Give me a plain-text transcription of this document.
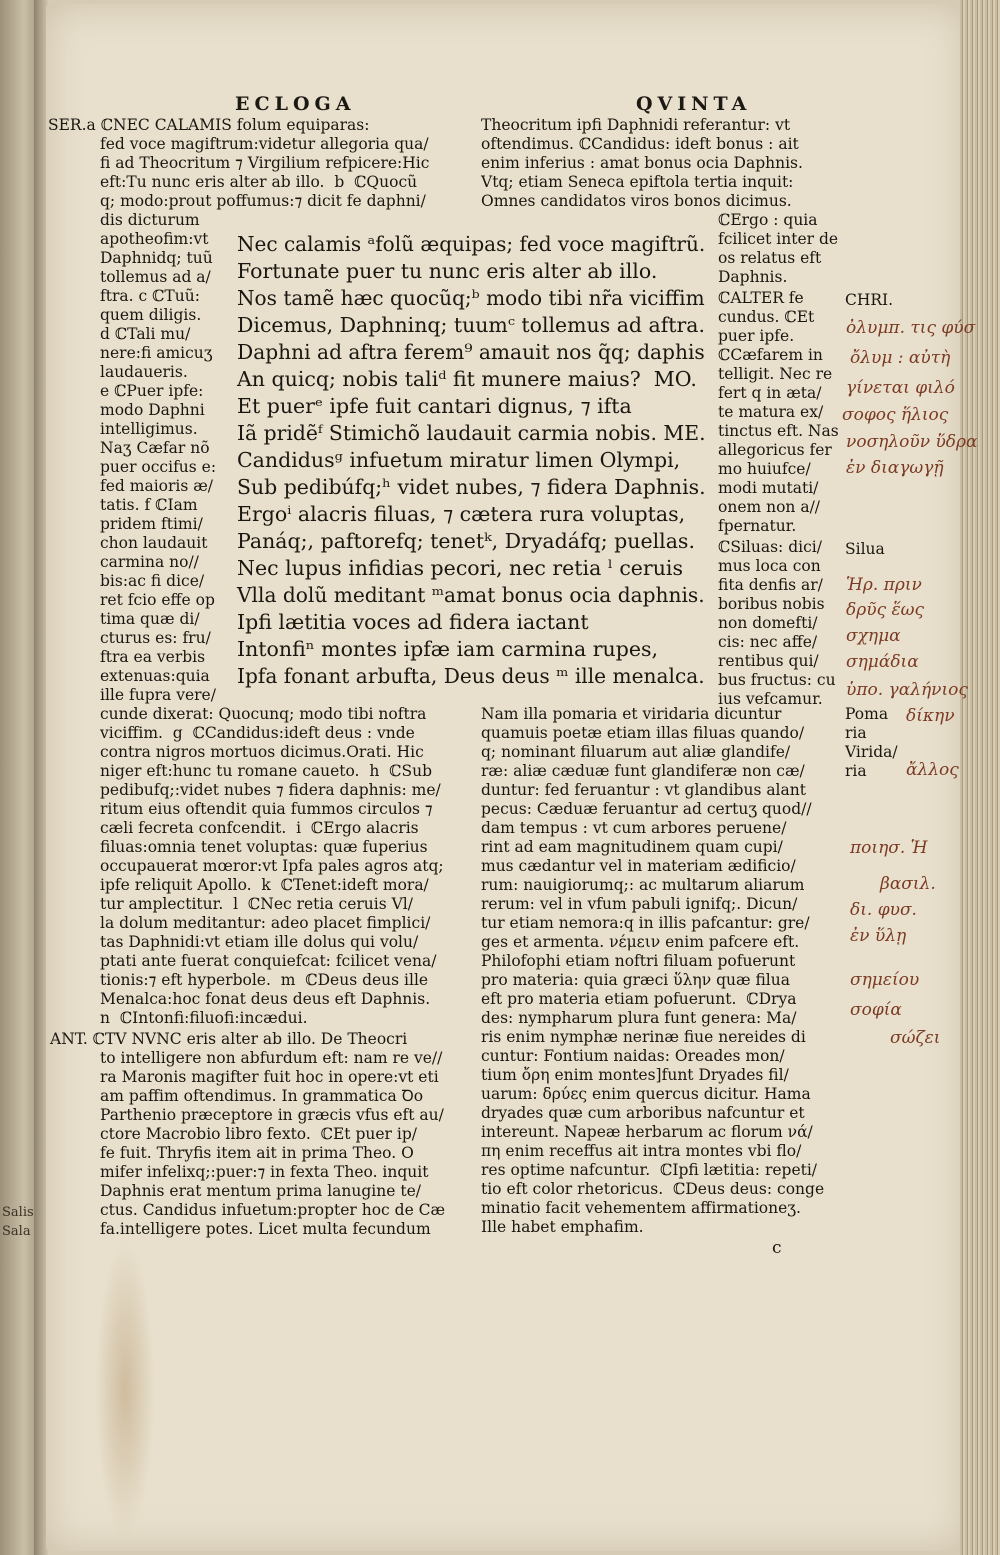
Salis
Sala
ECLOGA	QVINTA
SER.a ℂNEC CALAMIS folum equiparas:
fed voce magiftrum:videtur allegoria qua/
fi ad Theocritum ⁊ Virgilium refpicere:Hic
eft:Tu nunc eris alter ab illo.  b  ℂQuocũ
q; modo:prout poffumus:⁊ dicit fe daphni/
dis dicturum
apotheofim:vt
Daphnidq; tuũ
tollemus ad a/
ftra. c ℂTuũ:
quem diligis.
d ℂTali mu/
nere:fi amicuʒ
laudaueris.
e ℂPuer ipfe:
modo Daphni
intelligimus.
Naʒ Cæfar nõ
puer occifus e:
fed maioris æ/
tatis. f ℂIam
pridem ftimi/
chon laudauit
carmina no//
bis:ac fi dice/
ret fcio effe op
tima quæ di/
cturus es: fru/
ftra ea verbis
extenuas:quia
ille fupra vere/
cunde dixerat: Quocunq; modo tibi noftra
viciffim.  g  ℂCandidus:ideft deus : vnde
contra nigros mortuos dicimus.Orati. Hic
niger eft:hunc tu romane caueto.  h  ℂSub
pedibufq;:videt nubes ⁊ fidera daphnis: me/
ritum eius oftendit quia fummos circulos ⁊
cæli fecreta confcendit.  i  ℂErgo alacris
filuas:omnia tenet voluptas: quæ fuperius
occupauerat mœror:vt Ipfa pales agros atq;
ipfe reliquit Apollo.  k  ℂTenet:ideft mora/
tur amplectitur.  l  ℂNec retia ceruis Vl/
la dolum meditantur: adeo placet fimplici/
tas Daphnidi:vt etiam ille dolus qui volu/
ptati ante fuerat conquiefcat: fcilicet vena/
tionis:⁊ eft hyperbole.  m  ℂDeus deus ille
Menalca:hoc fonat deus deus eft Daphnis.
n  ℂIntonfi:filuofi:incædui.
ANT. ℂTV NVNC eris alter ab illo. De Theocri
to intelligere non abfurdum eft: nam re ve//
ra Maronis magifter fuit hoc in opere:vt eti
am paffim oftendimus. In grammatica Ꝺo
Parthenio præceptore in græcis vfus eft au/
ctore Macrobio libro fexto.  ℂEt puer ip/
fe fuit. Thryfis item ait in prima Theo. O
mifer infelixq;:puer:⁊ in fexta Theo. inquit
Daphnis erat mentum prima lanugine te/
ctus. Candidus infuetum:propter hoc de Cæ
fa.intelligere potes. Licet multa fecundum
Theocritum ipfi Daphnidi referantur: vt
oftendimus. ℂCandidus: ideft bonus : ait
enim inferius : amat bonus ocia Daphnis.
Vtq; etiam Seneca epiftola tertia inquit:
Omnes candidatos viros bonos dicimus.
Nec calamis ᵃfolũ æquipas; fed voce magiftrũ.
Fortunate puer tu nunc eris alter ab illo.
Nos tamẽ hæc quocũq;ᵇ modo tibi nr̃a viciffim
Dicemus, Daphninq; tuumᶜ tollemus ad aftra.
Daphni ad aftra ferem⁹ amauit nos q̃q; daphis
An quicq; nobis taliᵈ fit munere maius?  MO.
Et puerᵉ ipfe fuit cantari dignus, ⁊ ifta
Iã pridẽᶠ Stimichõ laudauit carmia nobis. ME.
Candidusᵍ infuetum miratur limen Olympi,
Sub pedibúfq;ʰ videt nubes, ⁊ fidera Daphnis.
Ergoⁱ alacris filuas, ⁊ cætera rura voluptas,
Panáq;, paftorefq; tenetᵏ, Dryadáfq; puellas.
Nec lupus infidias pecori, nec retia ˡ ceruis
Vlla dolũ meditant ᵐamat bonus ocia daphnis.
Ipfi lætitia voces ad fidera iactant
Intonfiⁿ montes ipfæ iam carmina rupes,
Ipfa fonant arbufta, Deus deus ᵐ ille menalca.
ℂErgo : quia
fcilicet inter de
os relatus eft
Daphnis.
ℂALTER fe
cundus. ℂEt
puer ipfe.
ℂCæfarem in
telligit. Nec re
fert q in æta/
te matura ex/
tinctus eft. Nas
allegoricus fer
mo huiufce/
modi mutati/
onem non a//
fpernatur.
ℂSiluas: dici/
mus loca con
fita denfis ar/
boribus nobis
non domefti/
cis: nec affe/
rentibus qui/
bus fructus: cu
ius vefcamur.
Nam illa pomaria et viridaria dicuntur
quamuis poetæ etiam illas filuas quando/
q; nominant filuarum aut aliæ glandife/
ræ: aliæ cæduæ funt glandiferæ non cæ/
duntur: fed feruantur : vt glandibus alant
pecus: Cæduæ feruantur ad certuʒ quod//
dam tempus : vt cum arbores peruene/
rint ad eam magnitudinem quam cupi/
mus cædantur vel in materiam ædificio/
rum: nauigiorumq;: ac multarum aliarum
rerum: vel in vfum pabuli ignifq;. Dicun/
tur etiam nemora:q in illis pafcantur: gre/
ges et armenta. νέμειν enim pafcere eft.
Philofophi etiam noftri filuam pofuerunt
pro materia: quia græci ὕλην quæ filua
eft pro materia etiam pofuerunt.  ℂDrya
des: nympharum plura funt genera: Ma/
ris enim nymphæ nerinæ fiue nereides di
cuntur: Fontium naidas: Oreades mon/
tium ὄρη enim montes]funt Dryades fil/
uarum: δρύες enim quercus dicitur. Hama
dryades quæ cum arboribus nafcuntur et
intereunt. Napeæ herbarum ac florum νά/
πη enim receffus ait intra montes vbi flo/
res optime nafcuntur.  ℂIpfi lætitia: repeti/
tio eft color rhetoricus.  ℂDeus deus: conge
minatio facit vehementem affirmationeʒ.
Ille habet emphafim.
CHRI.
Silua
Poma
ria
Virida/
ria
ὀλυμπ. τις φύσ
ὄλυμ : αὐτὴ
γίνεται φιλό
σοφος ἥλιος
νοσηλοῦν ὕδρα
ἐν διαγωγῇ
Ἡρ. πριν
δρῦς ἕως
σχημα
σημάδια
ὑπο. γαλήνιος
δίκην
ἄλλος
ποιησ. Ἡ
βασιλ.
δι. φυσ.
ἐν ὕλῃ
σημείου
σοφία
σώζει
c
